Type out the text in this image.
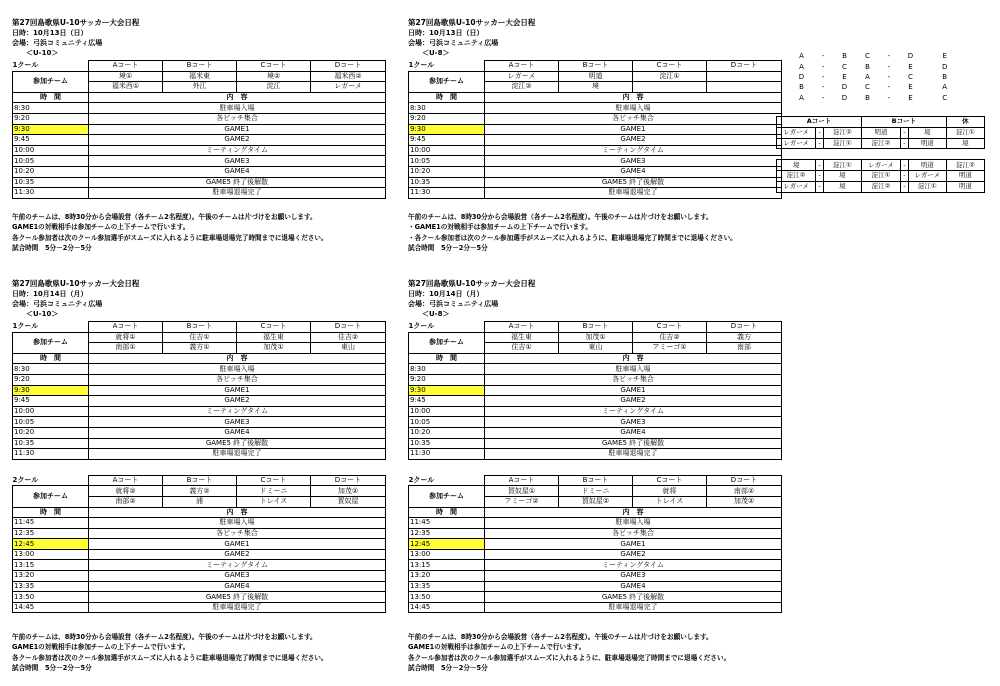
第27回島歌県U-10サッカー大会日程
日時：10月13日（日）
会場：弓浜コミュニティ広場
＜U-10＞
1クール	Aコート	Bコート	Cコート	Dコート
参加チーム	境①	福米東	境②	福米西②
	福米西①	外江	淀江	レガーメ
時　間	内　容			
8:30	駐車場入場			
9:20	各ピッチ集合			
9:30	GAME1			
9:45	GAME2			
10:00	ミーティングタイム			
10:05	GAME3			
10:20	GAME4			
10:35	GAME5 終了後解散			
11:30	駐車場退場完了			
午前のチームは、8時30分から会場設営（各チーム2名程度）。午後のチームは片づけをお願いします。
GAME1の対戦相手は参加チームの上下チームで行います。
各クール参加者は次のクール参加選手がスムーズに入れるように駐車場退場完了時間までに退場ください。
試合時間　5分－2分－5分
第27回島歌県U-10サッカー大会日程
日時：10月13日（日）
会場：弓浜コミュニティ広場
＜U-8＞
1クール	Aコート	Bコート	Cコート	Dコート
参加チーム	レガーメ	明道	淀江①	
	淀江②	境		
時　間	内　容			
8:30	駐車場入場			
9:20	各ピッチ集合			
9:30	GAME1			
9:45	GAME2			
10:00	ミーティングタイム			
10:05	GAME3			
10:20	GAME4			
10:35	GAME5 終了後解散			
11:30	駐車場退場完了			
午前のチームは、8時30分から会場設営（各チーム2名程度）。午後のチームは片づけをお願いします。
・GAME1の対戦相手は参加チームの上下チームで行います。
・各クール参加者は次のクール参加選手がスムーズに入れるように、駐車場退場完了時間までに退場ください。
試合時間　5分－2分－5分
第27回島歌県U-10サッカー大会日程
日時：10月14日（月）
会場：弓浜コミュニティ広場
＜U-10＞
1クール	Aコート	Bコート	Cコート	Dコート
参加チーム	就将①	住吉①	福生東	住吉②
	南部①	義方①	加茂①	東山
時　間	内　容			
8:30	駐車場入場			
9:20	各ピッチ集合			
9:30	GAME1			
9:45	GAME2			
10:00	ミーティングタイム			
10:05	GAME3			
10:20	GAME4			
10:35	GAME5 終了後解散			
11:30	駐車場退場完了			
2クール	Aコート	Bコート	Cコート	Dコート
参加チーム	就将②	義方②	ドミーニ	加茂②
	南部②	浦	トレイス	賀奴屋
時　間	内　容			
11:45	駐車場入場			
12:35	各ピッチ集合			
12:45	GAME1			
13:00	GAME2			
13:15	ミーティングタイム			
13:20	GAME3			
13:35	GAME4			
13:50	GAME5 終了後解散			
14:45	駐車場退場完了			
午前のチームは、8時30分から会場設営（各チーム2名程度）。午後のチームは片づけをお願いします。
GAME1の対戦相手は参加チームの上下チームで行います。
各クール参加者は次のクール参加選手がスムーズに入れるように駐車場退場完了時間までに退場ください。
試合時間　5分－2分－5分
第27回島歌県U-10サッカー大会日程
日時：10月14日（月）
会場：弓浜コミュニティ広場
＜U-8＞
1クール	Aコート	Bコート	Cコート	Dコート
参加チーム	福生東	加茂①	住吉②	義方
	住吉①	東山	アミーゴ①	南部
時　間	内　容			
8:30	駐車場入場			
9:20	各ピッチ集合			
9:30	GAME1			
9:45	GAME2			
10:00	ミーティングタイム			
10:05	GAME3			
10:20	GAME4			
10:35	GAME5 終了後解散			
11:30	駐車場退場完了			
2クール	Aコート	Bコート	Cコート	Dコート
参加チーム	賀奴屋①	ドミーニ	就将	南部②
	アミーゴ②	賀奴屋②	トレイス	加茂②
時　間	内　容			
11:45	駐車場入場			
12:35	各ピッチ集合			
12:45	GAME1			
13:00	GAME2			
13:15	ミーティングタイム			
13:20	GAME3			
13:35	GAME4			
13:50	GAME5 終了後解散			
14:45	駐車場退場完了			
午前のチームは、8時30分から会場設営（各チーム2名程度）。午後のチームは片づけをお願いします。
GAME1の対戦相手は参加チームの上下チームで行います。
各クール参加者は次のクール参加選手がスムーズに入れるように、駐車場退場完了時間までに退場ください。
試合時間　5分－2分－5分
A	-	B	C	-	D	E
A	-	C	B	-	E	D
D	-	E	A	-	C	B
B	-	D	C	-	E	A
A	-	D	B	-	E	C
Aコート			Bコート			休
レガーメ	-	淀江②	明道	-	境	淀江①
レガーメ	-	淀江①	淀江②	-	明道	境

境	-	淀江①	レガーメ	-	明道	淀江②
淀江②	-	境	淀江①	-	レガーメ	明道
レガーメ	-	境	淀江②	-	淀江①	明道
